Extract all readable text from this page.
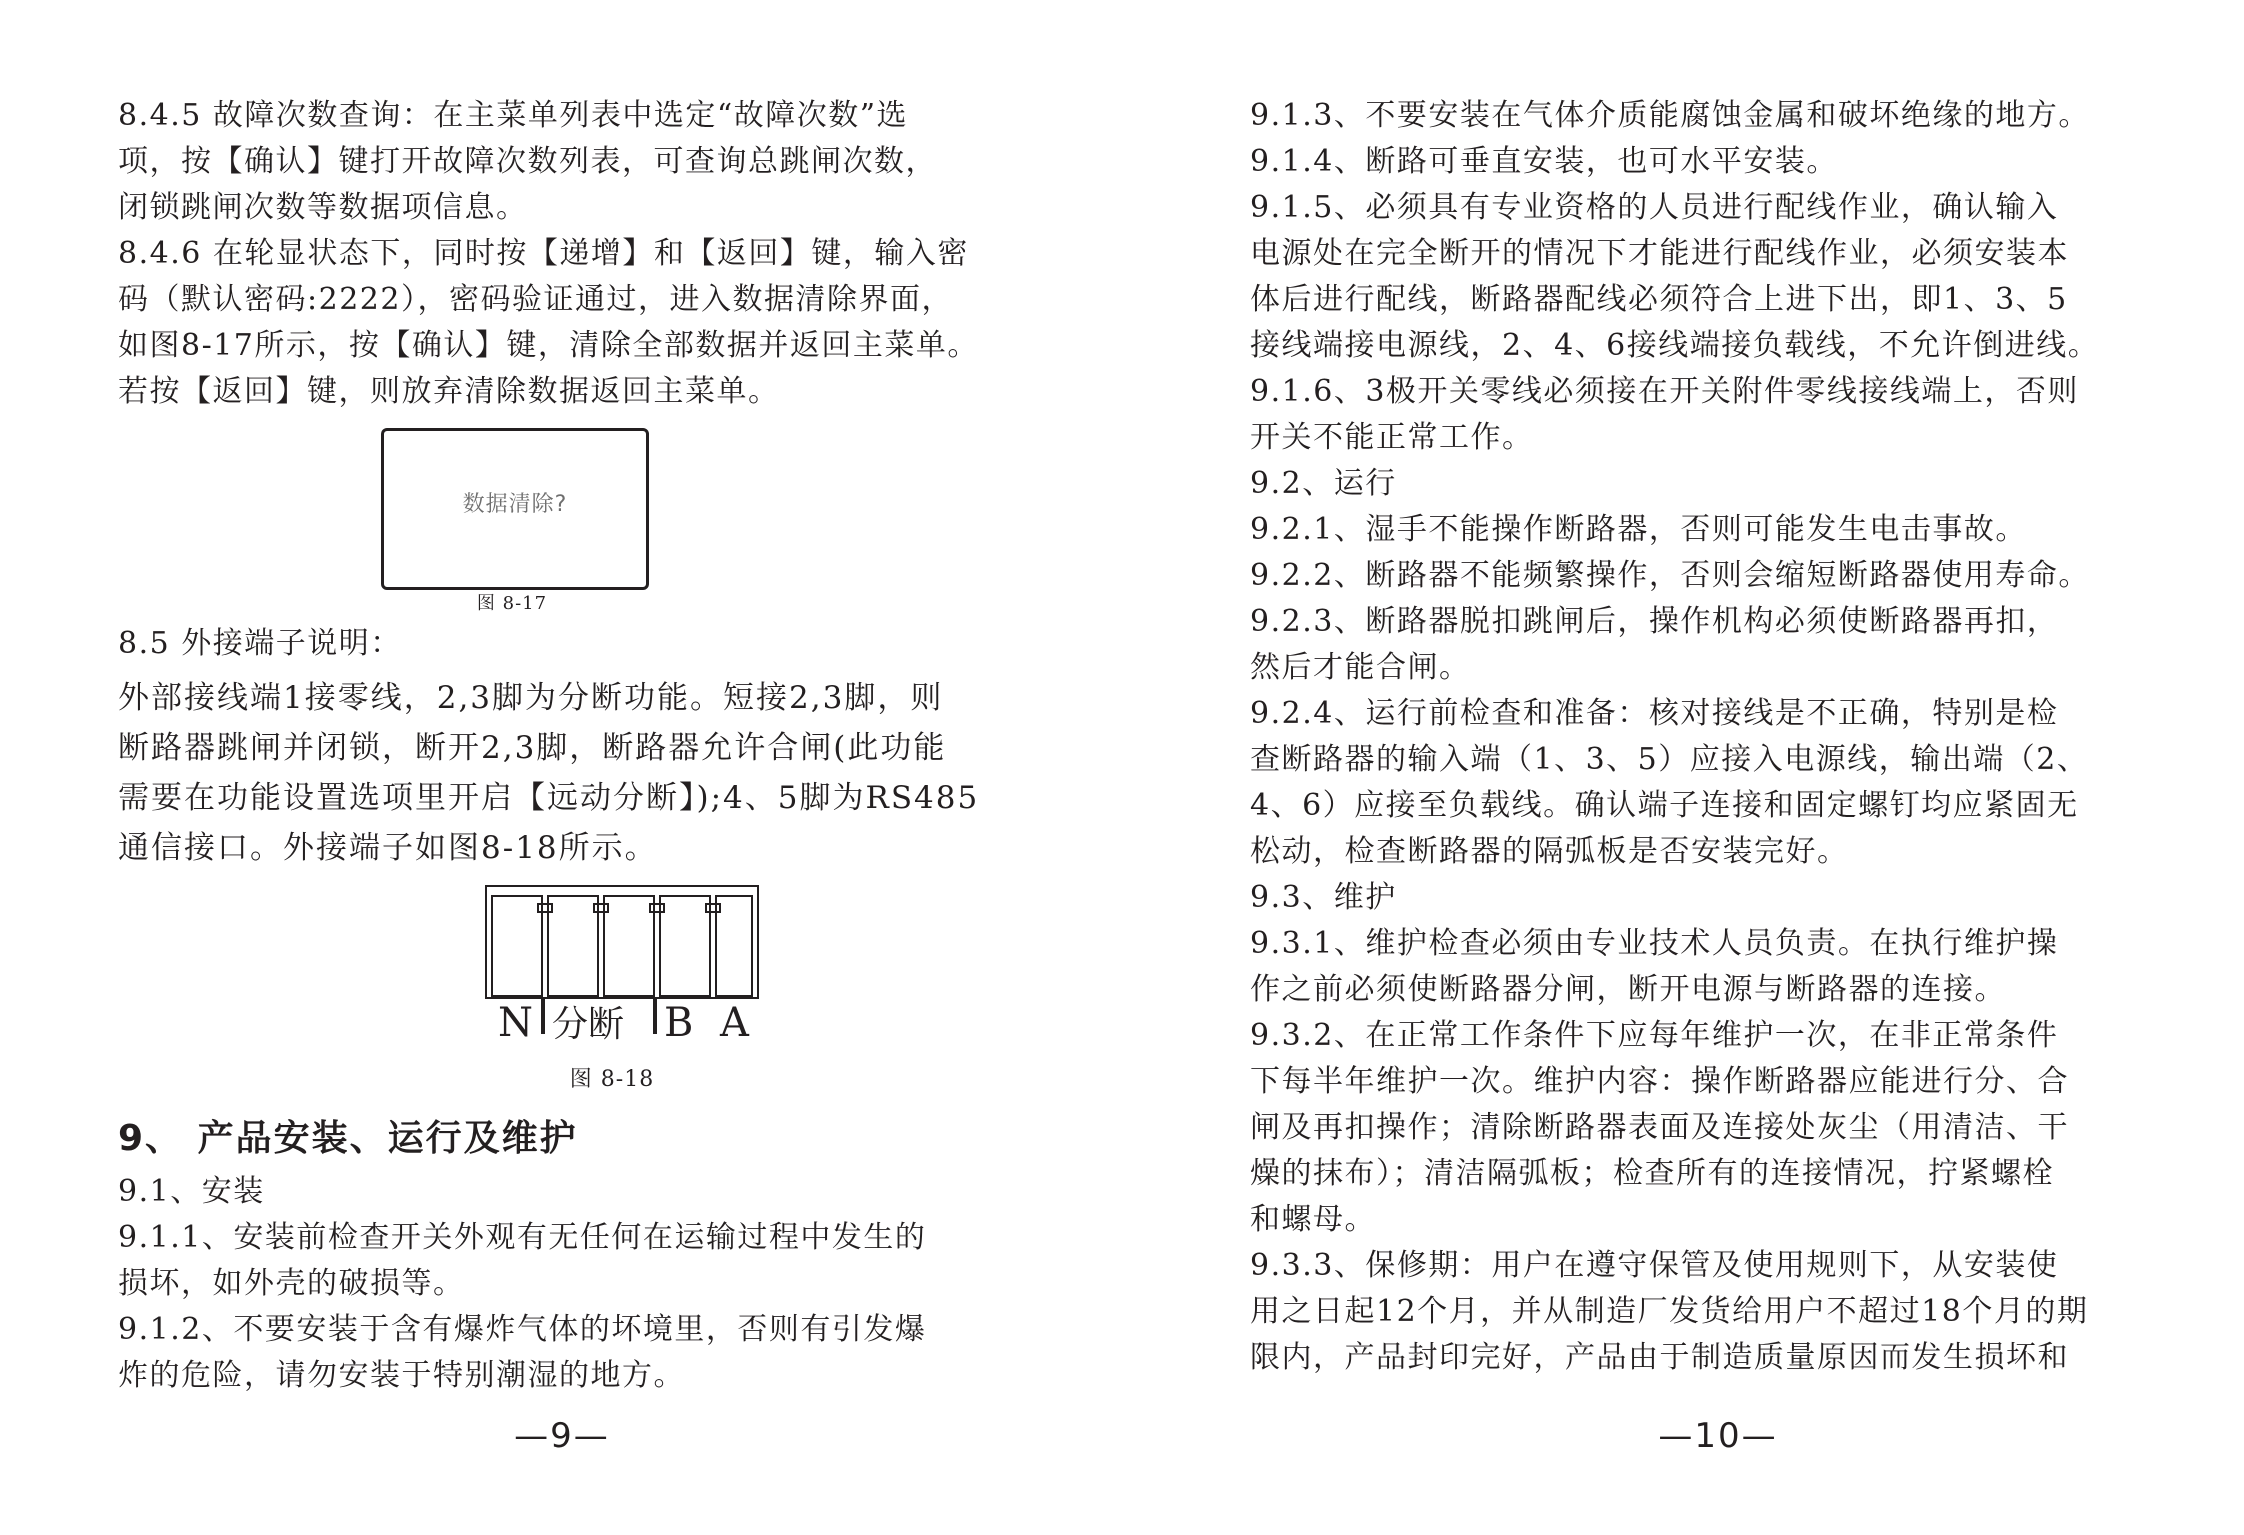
8.4.5 故障次数查询：在主菜单列表中选定“故障次数”选

项，按【确认】键打开故障次数列表，可查询总跳闸次数，

闭锁跳闸次数等数据项信息。

8.4.6 在轮显状态下，同时按【递增】和【返回】键，输入密

码（默认密码:2222），密码验证通过，进入数据清除界面，

如图8-17所示，按【确认】键，清除全部数据并返回主菜单。

若按【返回】键，则放弃清除数据返回主菜单。

数据清除?

图 8-17

8.5 外接端子说明：

外部接线端1接零线，2,3脚为分断功能。短接2,3脚，则

断路器跳闸并闭锁，断开2,3脚，断路器允许合闸(此功能

需要在功能设置选项里开启【远动分断】);4、5脚为RS485

通信接口。外接端子如图8-18所示。

N 分断 B A

图 8-18

9、 产品安装、运行及维护

9.1、安装

9.1.1、安装前检查开关外观有无任何在运输过程中发生的

损坏，如外壳的破损等。

9.1.2、不要安装于含有爆炸气体的坏境里，否则有引发爆

炸的危险，请勿安装于特别潮湿的地方。

—9—

9.1.3、不要安装在气体介质能腐蚀金属和破坏绝缘的地方。

9.1.4、断路可垂直安装，也可水平安装。

9.1.5、必须具有专业资格的人员进行配线作业，确认输入

电源处在完全断开的情况下才能进行配线作业，必须安装本

体后进行配线，断路器配线必须符合上进下出，即1、3、5

接线端接电源线，2、4、6接线端接负载线，不允许倒进线。

9.1.6、3极开关零线必须接在开关附件零线接线端上，否则

开关不能正常工作。

9.2、运行

9.2.1、湿手不能操作断路器，否则可能发生电击事故。

9.2.2、断路器不能频繁操作，否则会缩短断路器使用寿命。

9.2.3、断路器脱扣跳闸后，操作机构必须使断路器再扣，

然后才能合闸。

9.2.4、运行前检查和准备：核对接线是不正确，特别是检

查断路器的输入端（1、3、5）应接入电源线，输出端（2、

4、6）应接至负载线。确认端子连接和固定螺钉均应紧固无

松动，检查断路器的隔弧板是否安装完好。

9.3、维护

9.3.1、维护检查必须由专业技术人员负责。在执行维护操

作之前必须使断路器分闸，断开电源与断路器的连接。

9.3.2、在正常工作条件下应每年维护一次，在非正常条件

下每半年维护一次。维护内容：操作断路器应能进行分、合

闸及再扣操作；清除断路器表面及连接处灰尘（用清洁、干

燥的抹布）；清洁隔弧板；检查所有的连接情况，拧紧螺栓

和螺母。

9.3.3、保修期：用户在遵守保管及使用规则下，从安装使

用之日起12个月，并从制造厂发货给用户不超过18个月的期

限内，产品封印完好，产品由于制造质量原因而发生损坏和

—10—
